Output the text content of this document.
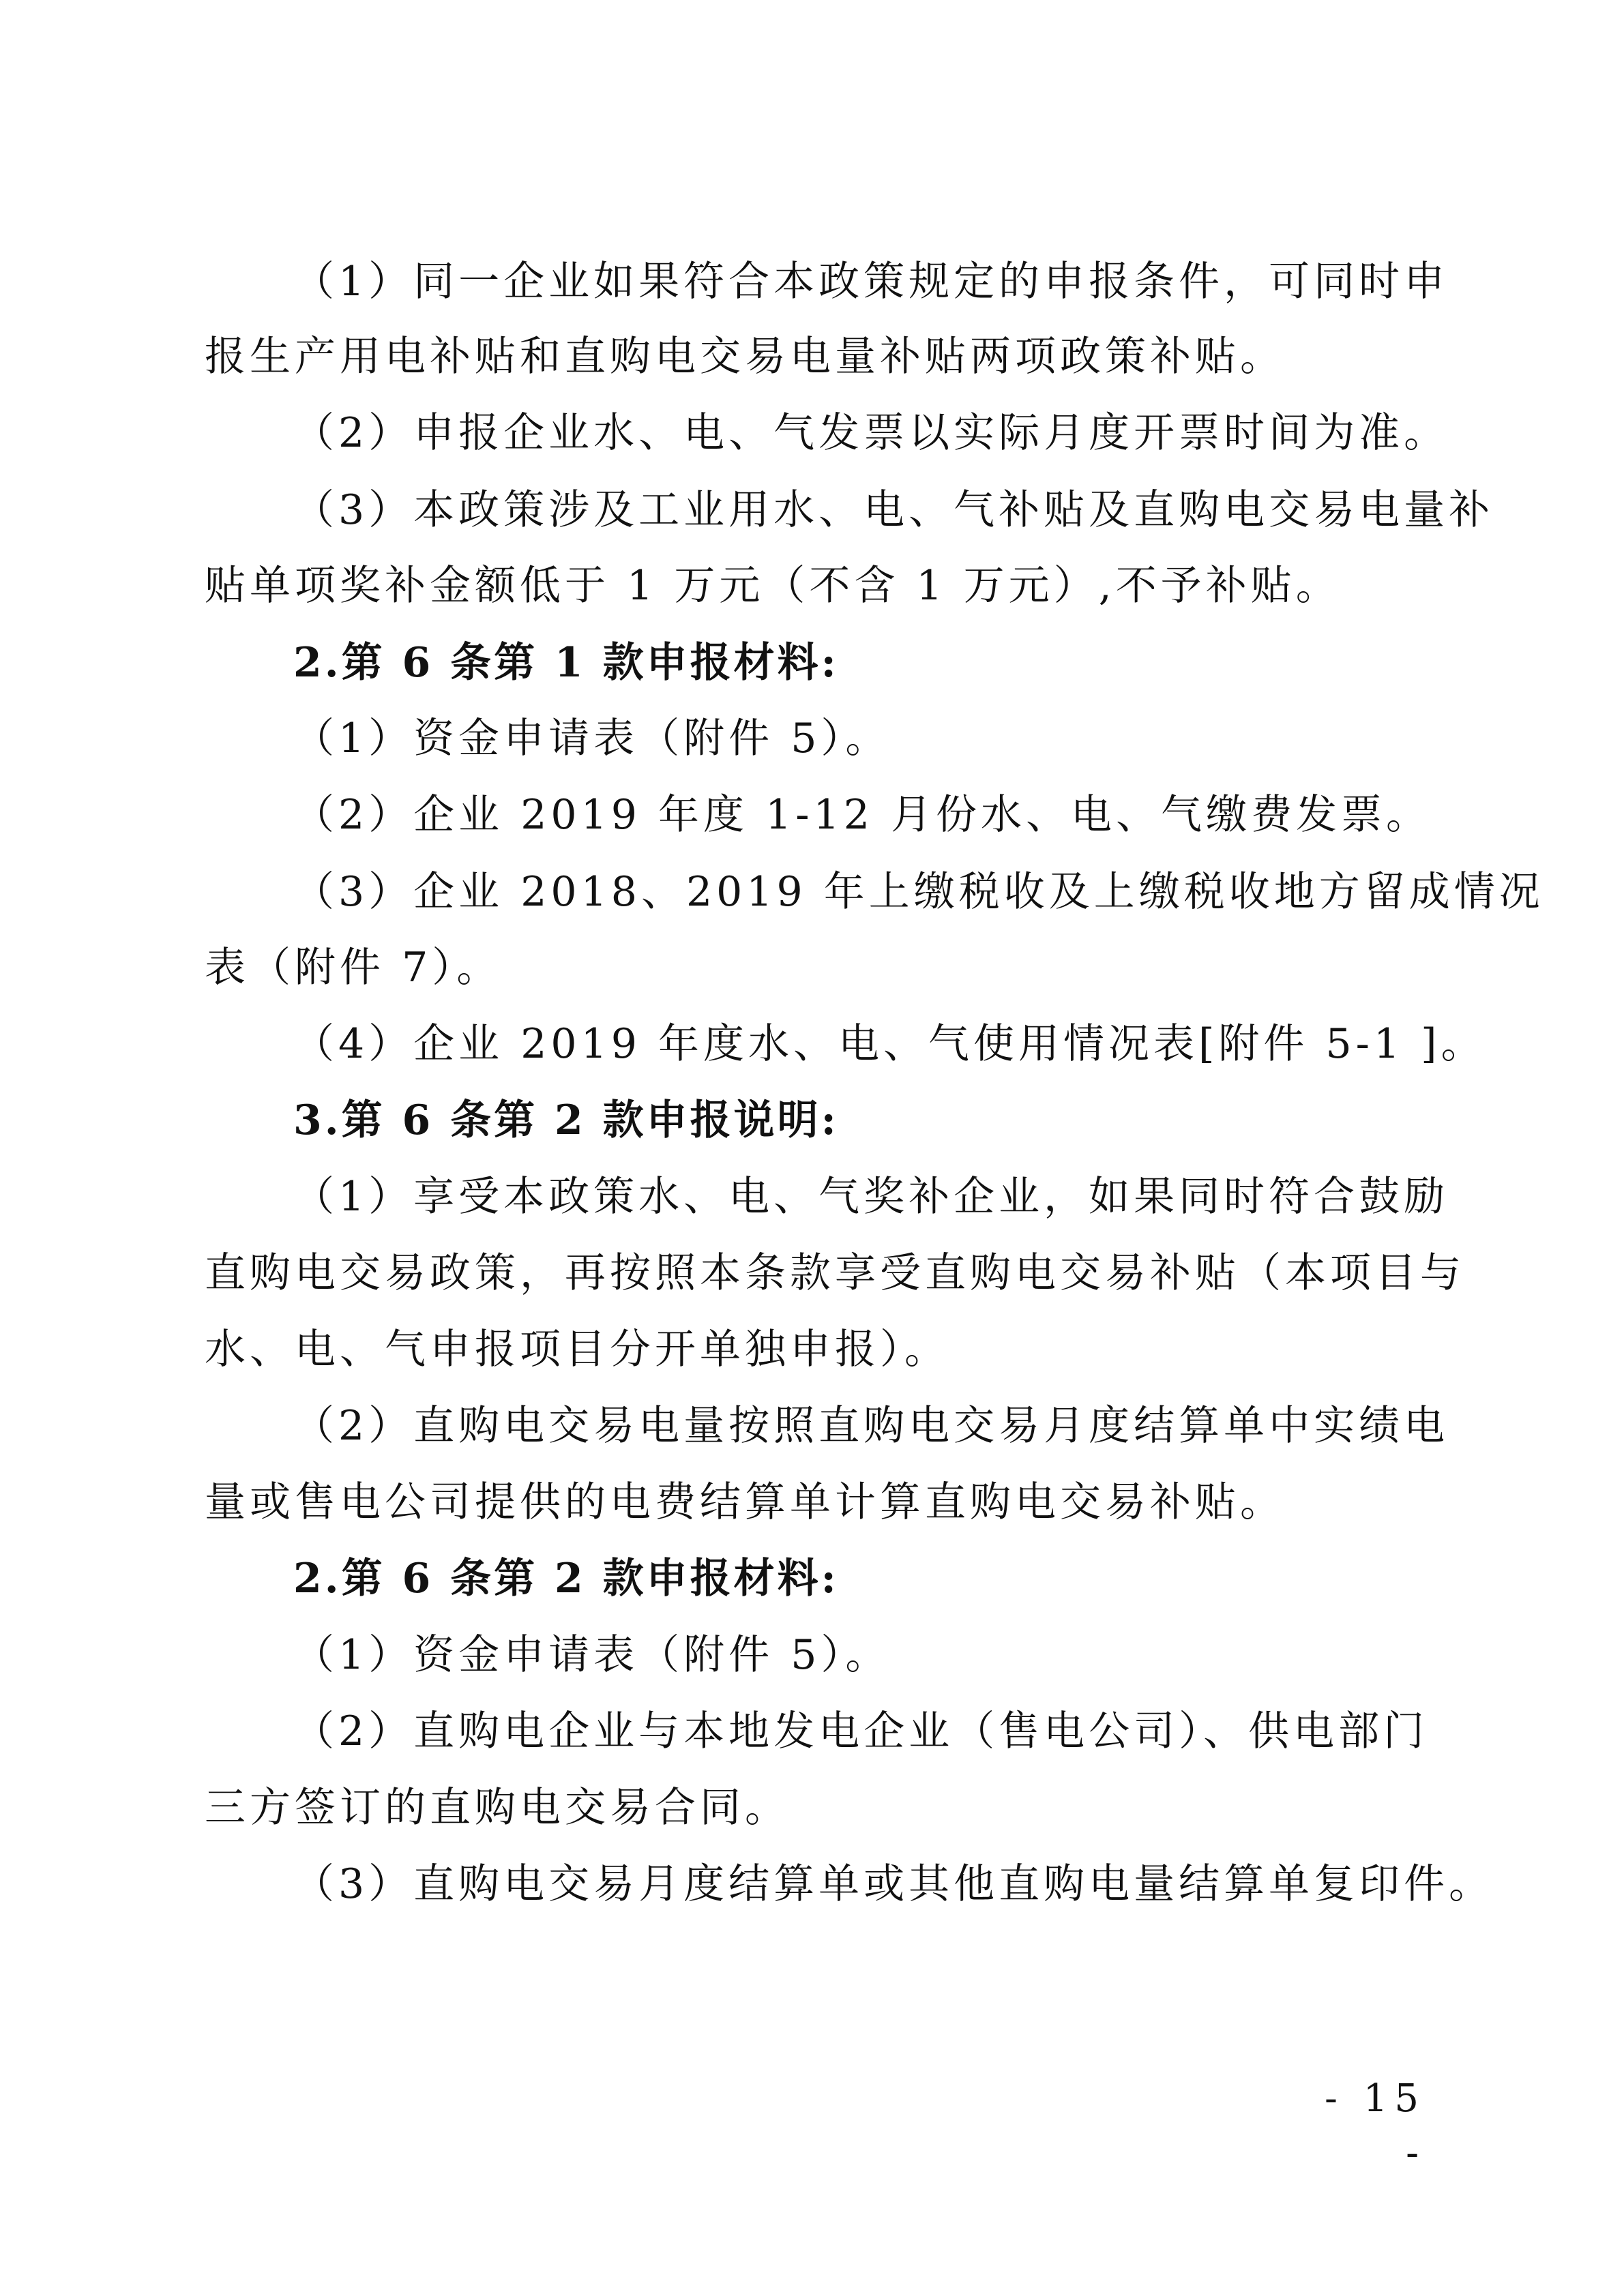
（1）同一企业如果符合本政策规定的申报条件，可同时申
报生产用电补贴和直购电交易电量补贴两项政策补贴。
（2）申报企业水、电、气发票以实际月度开票时间为准。
（3）本政策涉及工业用水、电、气补贴及直购电交易电量补
贴单项奖补金额低于 1 万元（不含 1 万元）,不予补贴。
2.第 6 条第 1 款申报材料:
（1）资金申请表（附件 5）。
（2）企业 2019 年度 1-12 月份水、电、气缴费发票。
（3）企业 2018、2019 年上缴税收及上缴税收地方留成情况
表（附件 7）。
（4）企业 2019 年度水、电、气使用情况表[附件 5-1 ]。
3.第 6 条第 2 款申报说明:
（1）享受本政策水、电、气奖补企业，如果同时符合鼓励
直购电交易政策，再按照本条款享受直购电交易补贴（本项目与
水、电、气申报项目分开单独申报）。
（2）直购电交易电量按照直购电交易月度结算单中实绩电
量或售电公司提供的电费结算单计算直购电交易补贴。
2.第 6 条第 2 款申报材料:
（1）资金申请表（附件 5）。
（2）直购电企业与本地发电企业（售电公司）、供电部门
三方签订的直购电交易合同。
（3）直购电交易月度结算单或其他直购电量结算单复印件。
- 15 -
